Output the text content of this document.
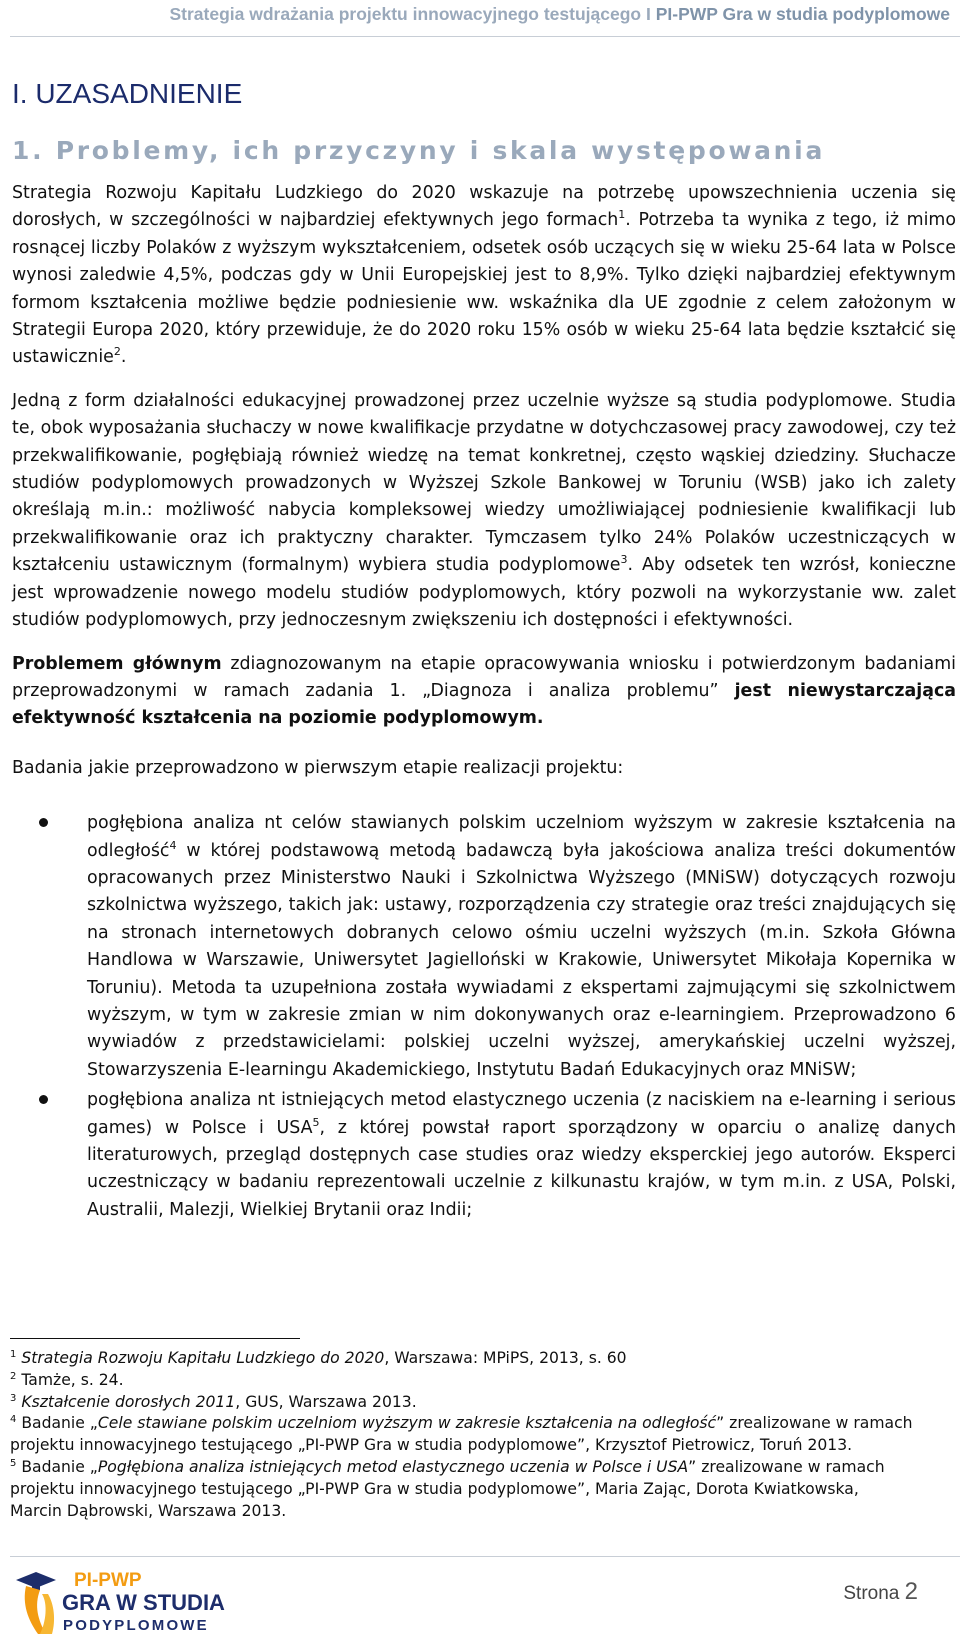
Strategia wdrażania projektu innowacyjnego testującego I PI-PWP Gra w studia podyplomowe
I. UZASADNIENIE
1. Problemy, ich przyczyny i skala występowania

Strategia Rozwoju Kapitału Ludzkiego do 2020 wskazuje na potrzebę upowszechnienia uczenia się dorosłych, w szczególności w najbardziej efektywnych jego formach$^1$. Potrzeba ta wynika z tego, iż mimo rosnącej liczby Polaków z wyższym wykształceniem, odsetek osób uczących się w wieku 25-64 lata w Polsce wynosi zaledwie 4,5%, podczas gdy w Unii Europejskiej jest to 8,9%. Tylko dzięki najbardziej efektywnym formom kształcenia możliwe będzie podniesienie ww. wskaźnika dla UE zgodnie z celem założonym w Strategii Europa 2020, który przewiduje, że do 2020 roku 15% osób w wieku 25-64 lata będzie kształcić się ustawicznie$^2$.

Jedną z form działalności edukacyjnej prowadzonej przez uczelnie wyższe są studia podyplomowe. Studia te, obok wyposażania słuchaczy w nowe kwalifikacje przydatne w dotychczasowej pracy zawodowej, czy też przekwalifikowanie, pogłębiają również wiedzę na temat konkretnej, często wąskiej dziedziny. Słuchacze studiów podyplomowych prowadzonych w Wyższej Szkole Bankowej w Toruniu (WSB) jako ich zalety określają m.in.: możliwość nabycia kompleksowej wiedzy umożliwiającej podniesienie kwalifikacji lub przekwalifikowanie oraz ich praktyczny charakter. Tymczasem tylko 24% Polaków uczestniczących w kształceniu ustawicznym (formalnym) wybiera studia podyplomowe$^3$. Aby odsetek ten wzrósł, konieczne jest wprowadzenie nowego modelu studiów podyplomowych, który pozwoli na wykorzystanie ww. zalet studiów podyplomowych, przy jednoczesnym zwiększeniu ich dostępności i efektywności.

Problemem głównym zdiagnozowanym na etapie opracowywania wniosku i potwierdzonym badaniami przeprowadzonymi w ramach zadania 1. „Diagnoza i analiza problemu” jest niewystarczająca efektywność kształcenia na poziomie podyplomowym.

Badania jakie przeprowadzono w pierwszym etapie realizacji projektu:

pogłębiona analiza nt celów stawianych polskim uczelniom wyższym w zakresie kształcenia na odległość$^4$ w której podstawową metodą badawczą była jakościowa analiza treści dokumentów opracowanych przez Ministerstwo Nauki i Szkolnictwa Wyższego (MNiSW) dotyczących rozwoju szkolnictwa wyższego, takich jak: ustawy, rozporządzenia czy strategie oraz treści znajdujących się na stronach internetowych dobranych celowo ośmiu uczelni wyższych (m.in. Szkoła Główna Handlowa w Warszawie, Uniwersytet Jagielloński w Krakowie, Uniwersytet Mikołaja Kopernika w Toruniu). Metoda ta uzupełniona została wywiadami z ekspertami zajmującymi się szkolnictwem wyższym, w tym w zakresie zmian w nim dokonywanych oraz e-learningiem. Przeprowadzono 6 wywiadów z przedstawicielami: polskiej uczelni wyższej, amerykańskiej uczelni wyższej, Stowarzyszenia E-learningu Akademickiego, Instytutu Badań Edukacyjnych oraz MNiSW;
pogłębiona analiza nt istniejących metod elastycznego uczenia (z naciskiem na e-learning i serious games) w Polsce i USA$^5$, z której powstał raport sporządzony w oparciu o analizę danych literaturowych, przegląd dostępnych case studies oraz wiedzy eksperckiej jego autorów. Eksperci uczestniczący w badaniu reprezentowali uczelnie z kilkunastu krajów, w tym m.in. z USA, Polski, Australii, Malezji, Wielkiej Brytanii oraz Indii;
$^1$ Strategia Rozwoju Kapitału Ludzkiego do 2020, Warszawa: MPiPS, 2013, s. 60
$^2$ Tamże, s. 24.
$^3$ Kształcenie dorosłych 2011, GUS, Warszawa 2013.
$^4$ Badanie „Cele stawiane polskim uczelniom wyższym w zakresie kształcenia na odległość” zrealizowane w ramach projektu innowacyjnego testującego „PI-PWP Gra w studia podyplomowe”, Krzysztof Pietrowicz, Toruń 2013.
$^5$ Badanie „Pogłębiona analiza istniejących metod elastycznego uczenia w Polsce i USA” zrealizowane w ramach projektu innowacyjnego testującego „PI-PWP Gra w studia podyplomowe”, Maria Zając, Dorota Kwiatkowska, Marcin Dąbrowski, Warszawa 2013.
PI-PWP
GRA W STUDIA
PODYPLOMOWE
Strona 2
